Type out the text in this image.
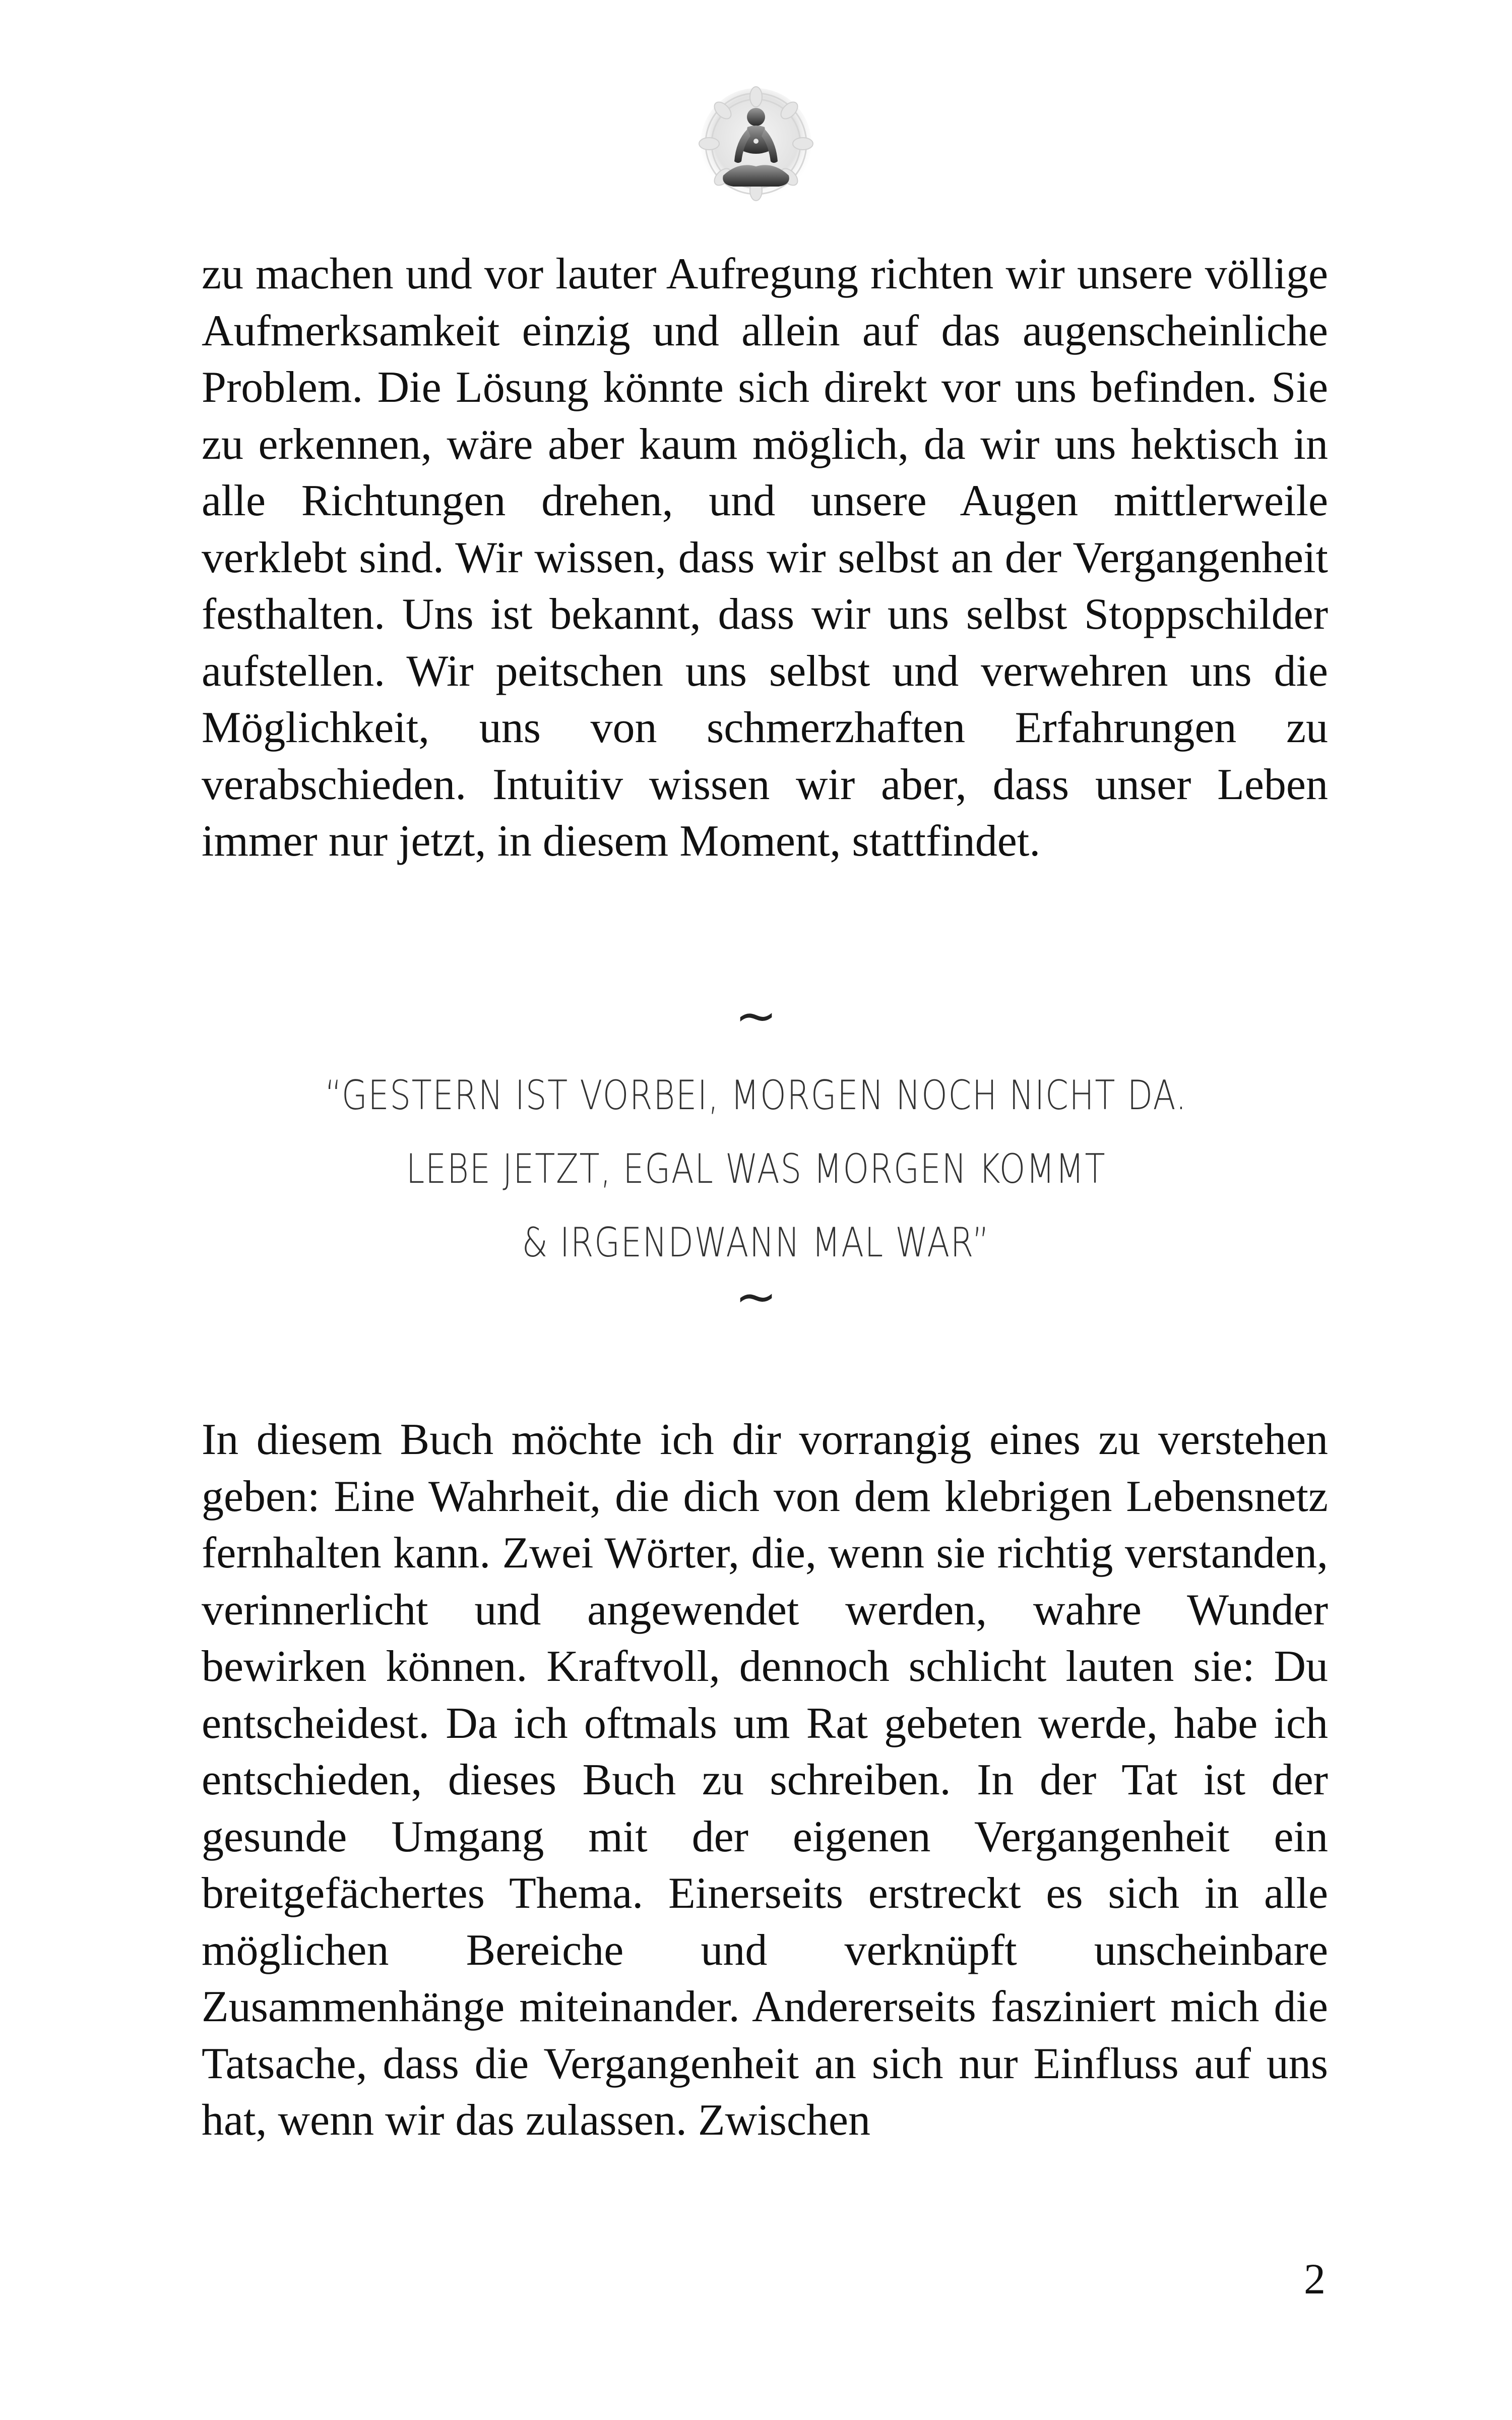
zu machen und vor lauter Aufregung richten wir unsere völlige Aufmerksamkeit einzig und allein auf das augenscheinliche Problem. Die Lösung könnte sich direkt vor uns befinden. Sie zu erkennen, wäre aber kaum möglich, da wir uns hektisch in alle Richtungen drehen, und unsere Augen mittlerweile verklebt sind. Wir wissen, dass wir selbst an der Vergangenheit festhalten. Uns ist bekannt, dass wir uns selbst Stoppschilder aufstellen. Wir peitschen uns selbst und verwehren uns die Möglichkeit, uns von schmerzhaften Erfahrungen zu verabschieden. Intuitiv wissen wir aber, dass unser Leben immer nur jetzt, in diesem Moment, stattfindet.

~
“GESTERN IST VORBEI, MORGEN NOCH NICHT DA.
LEBE JETZT, EGAL WAS MORGEN KOMMT
& IRGENDWANN MAL WAR”
~

In diesem Buch möchte ich dir vorrangig eines zu verstehen geben: Eine Wahrheit, die dich von dem klebrigen Lebensnetz fernhalten kann. Zwei Wörter, die, wenn sie richtig verstanden, verinnerlicht und angewendet werden, wahre Wunder bewirken können. Kraftvoll, dennoch schlicht lauten sie: Du entscheidest. Da ich oftmals um Rat gebeten werde, habe ich entschieden, dieses Buch zu schreiben. In der Tat ist der gesunde Umgang mit der eigenen Vergangenheit ein breitgefächertes Thema. Einerseits erstreckt es sich in alle möglichen Bereiche und verknüpft unscheinbare Zusammenhänge miteinander. Andererseits fasziniert mich die Tatsache, dass die Vergangenheit an sich nur Einfluss auf uns hat, wenn wir das zulassen. Zwischen

2
